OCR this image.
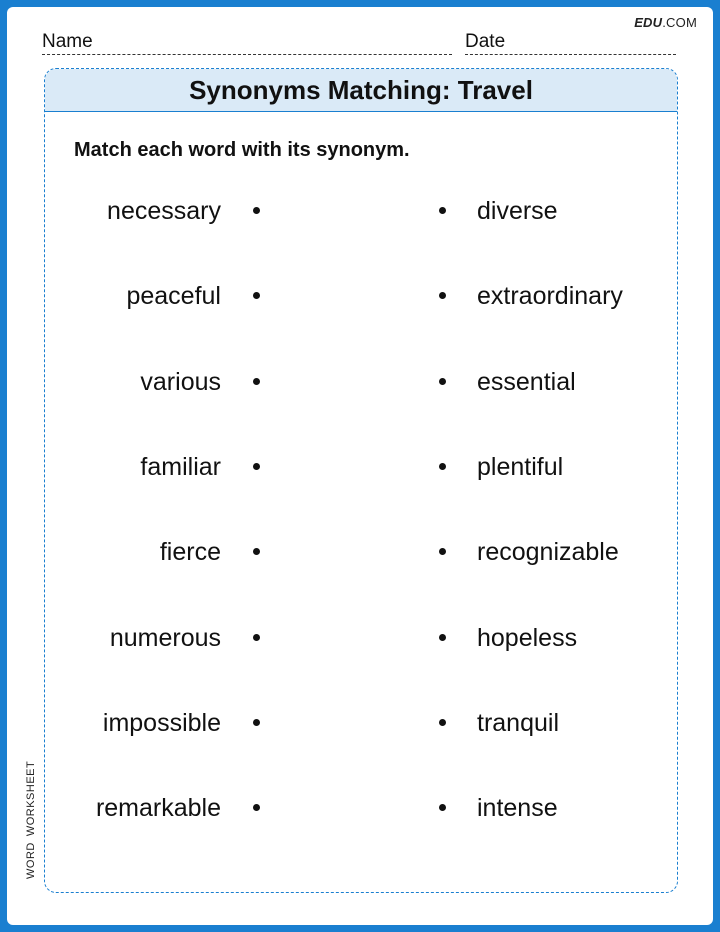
EDU.COM
Name	Date
Synonyms Matching: Travel
Match each word with its synonym.
necessary	diverse
peaceful	extraordinary
various	essential
familiar	plentiful
fierce	recognizable
numerous	hopeless
impossible	tranquil
remarkable	intense
WORDWORKSHEET
